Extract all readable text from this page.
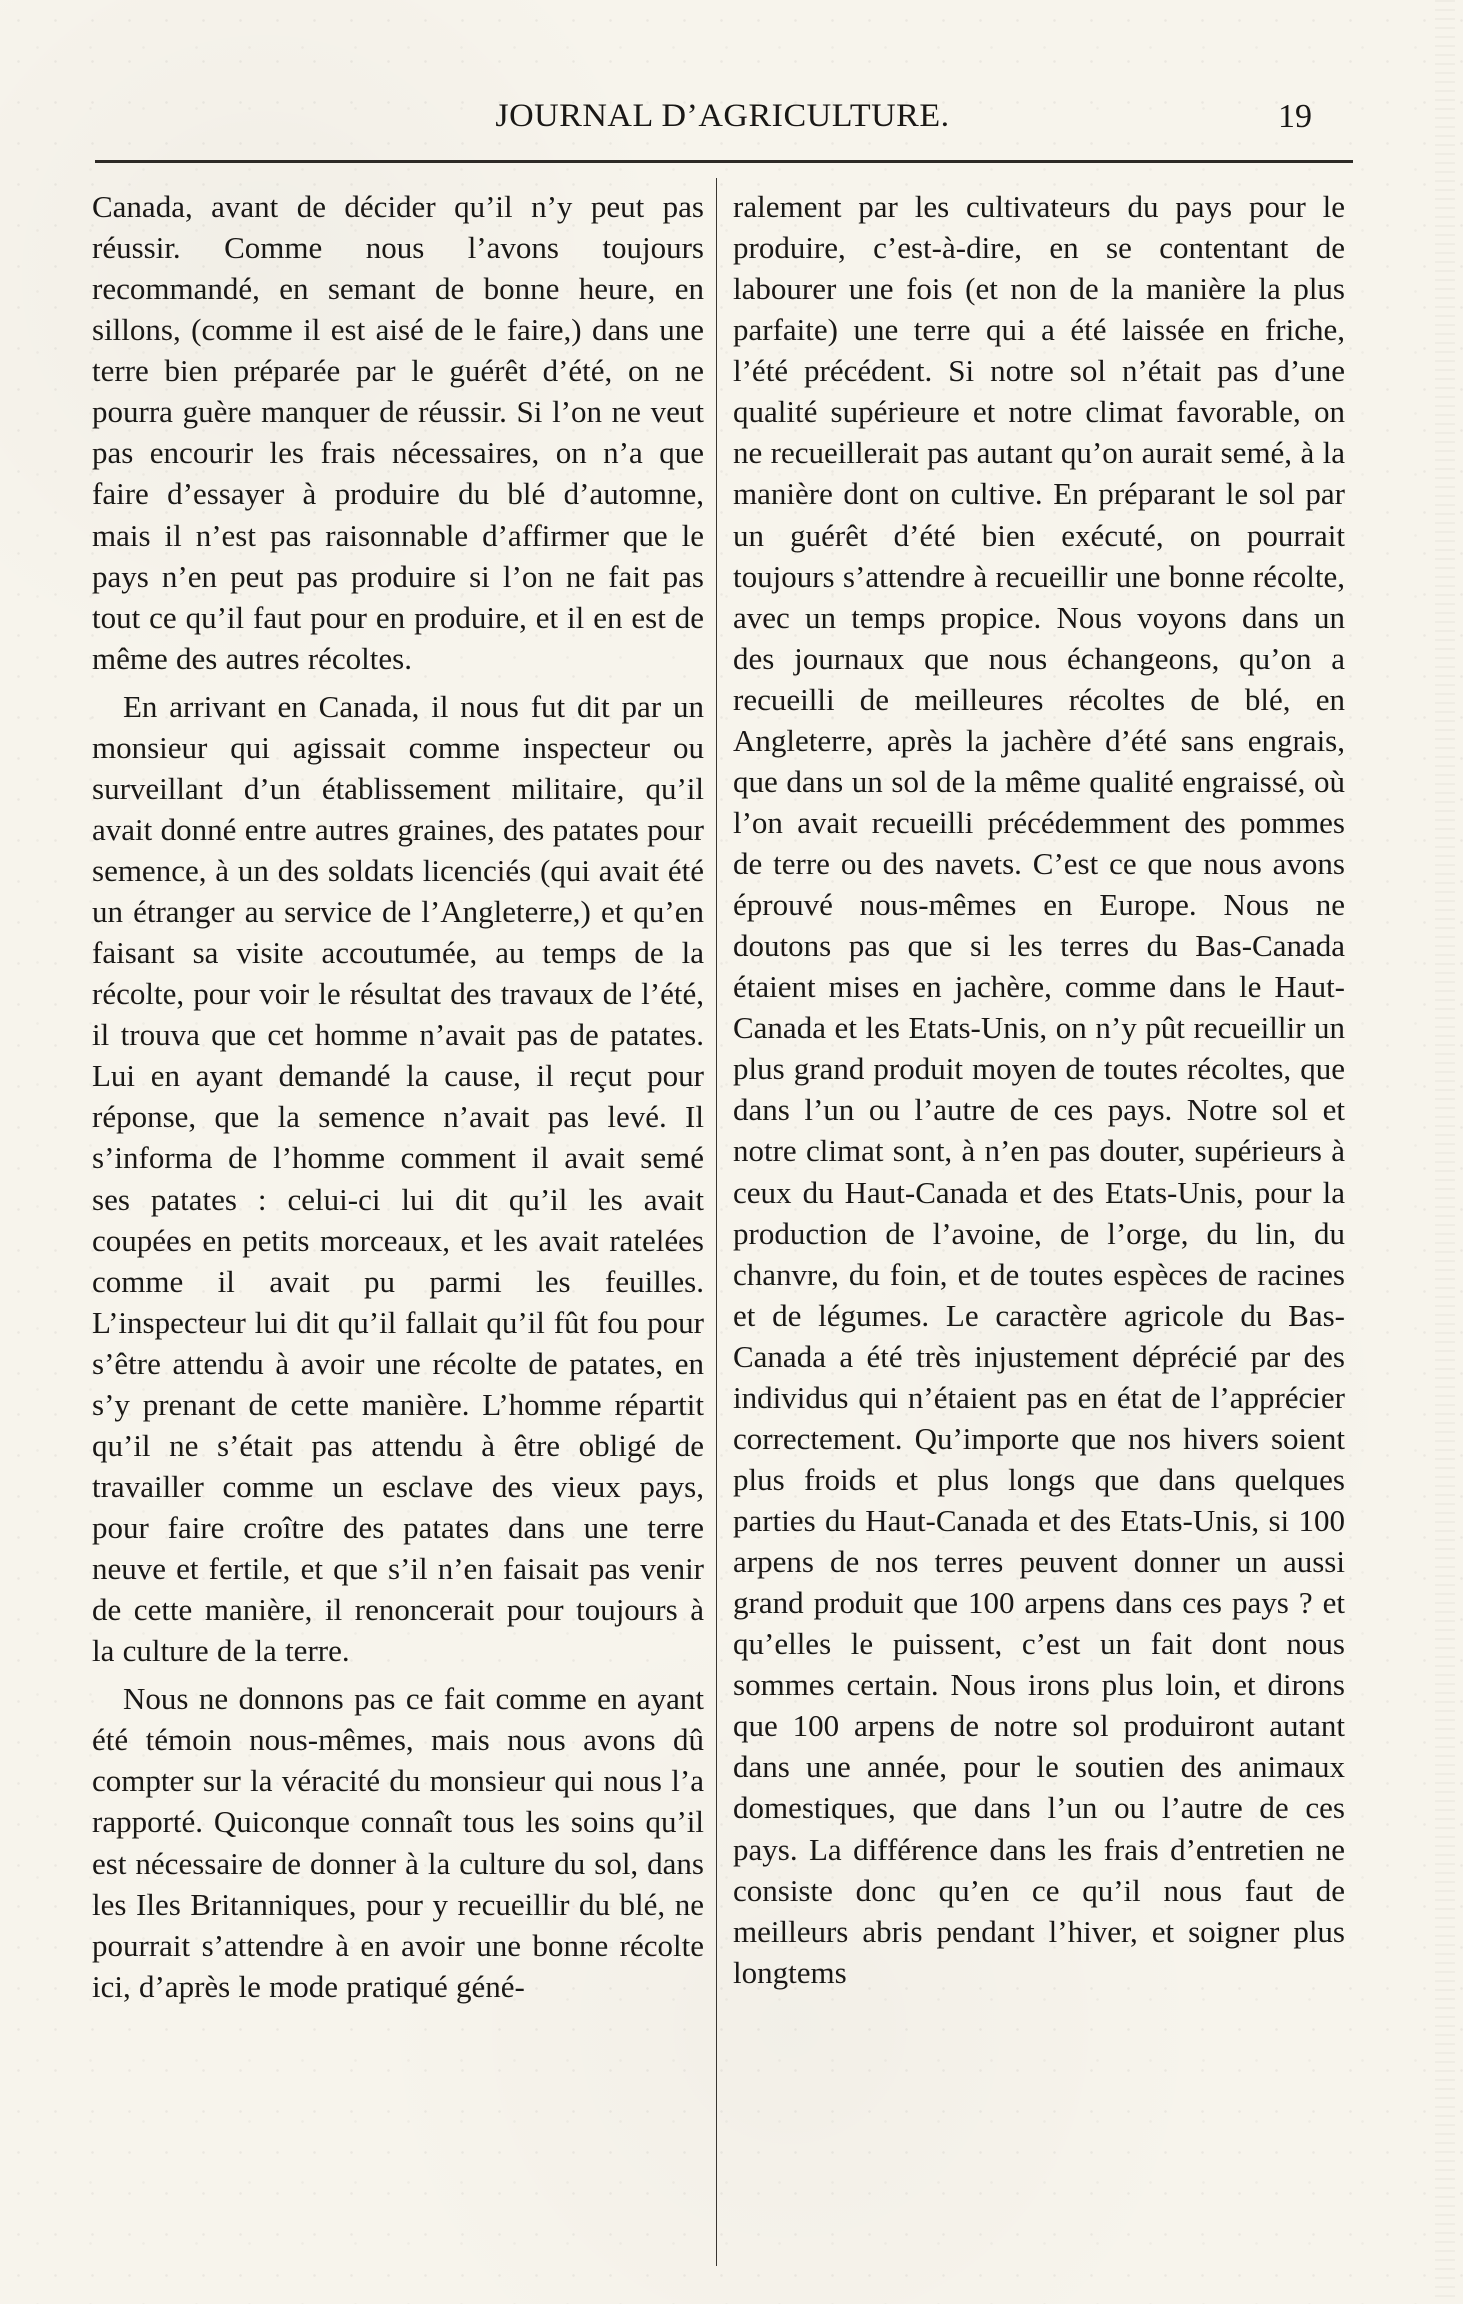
JOURNAL D’AGRICULTURE.	19

Canada, avant de décider qu’il n’y peut pas réussir. Comme nous l’avons toujours recommandé, en semant de bonne heure, en sillons, (comme il est aisé de le faire,) dans une terre bien préparée par le guérêt d’été, on ne pourra guère manquer de réussir. Si l’on ne veut pas encourir les frais nécessaires, on n’a que faire d’essayer à produire du blé d’automne, mais il n’est pas raisonnable d’affirmer que le pays n’en peut pas produire si l’on ne fait pas tout ce qu’il faut pour en produire, et il en est de même des autres récoltes.

En arrivant en Canada, il nous fut dit par un monsieur qui agissait comme inspecteur ou surveillant d’un établissement militaire, qu’il avait donné entre autres graines, des patates pour semence, à un des soldats licenciés (qui avait été un étranger au service de l’Angleterre,) et qu’en faisant sa visite accoutumée, au temps de la récolte, pour voir le résultat des travaux de l’été, il trouva que cet homme n’avait pas de patates. Lui en ayant demandé la cause, il reçut pour réponse, que la semence n’avait pas levé. Il s’informa de l’homme comment il avait semé ses patates : celui-ci lui dit qu’il les avait coupées en petits morceaux, et les avait ratelées comme il avait pu parmi les feuilles. L’inspecteur lui dit qu’il fallait qu’il fût fou pour s’être attendu à avoir une récolte de patates, en s’y prenant de cette manière. L’homme répartit qu’il ne s’était pas attendu à être obligé de travailler comme un esclave des vieux pays, pour faire croître des patates dans une terre neuve et fertile, et que s’il n’en faisait pas venir de cette manière, il renoncerait pour toujours à la culture de la terre.

Nous ne donnons pas ce fait comme en ayant été témoin nous-mêmes, mais nous avons dû compter sur la véracité du monsieur qui nous l’a rapporté. Quiconque connaît tous les soins qu’il est nécessaire de donner à la culture du sol, dans les Iles Britanniques, pour y recueillir du blé, ne pourrait s’attendre à en avoir une bonne récolte ici, d’après le mode pratiqué géné-

ralement par les cultivateurs du pays pour le produire, c’est-à-dire, en se contentant de labourer une fois (et non de la manière la plus parfaite) une terre qui a été laissée en friche, l’été précédent. Si notre sol n’était pas d’une qualité supérieure et notre climat favorable, on ne recueillerait pas autant qu’on aurait semé, à la manière dont on cultive. En préparant le sol par un guérêt d’été bien exécuté, on pourrait toujours s’attendre à recueillir une bonne récolte, avec un temps propice. Nous voyons dans un des journaux que nous échangeons, qu’on a recueilli de meilleures récoltes de blé, en Angleterre, après la jachère d’été sans engrais, que dans un sol de la même qualité engraissé, où l’on avait recueilli précédemment des pommes de terre ou des navets. C’est ce que nous avons éprouvé nous-mêmes en Europe. Nous ne doutons pas que si les terres du Bas-Canada étaient mises en jachère, comme dans le Haut-Canada et les Etats-Unis, on n’y pût recueillir un plus grand produit moyen de toutes récoltes, que dans l’un ou l’autre de ces pays. Notre sol et notre climat sont, à n’en pas douter, supérieurs à ceux du Haut-Canada et des Etats-Unis, pour la production de l’avoine, de l’orge, du lin, du chanvre, du foin, et de toutes espèces de racines et de légumes. Le caractère agricole du Bas-Canada a été très injustement déprécié par des individus qui n’étaient pas en état de l’apprécier correctement. Qu’importe que nos hivers soient plus froids et plus longs que dans quelques parties du Haut-Canada et des Etats-Unis, si 100 arpens de nos terres peuvent donner un aussi grand produit que 100 arpens dans ces pays ? et qu’elles le puissent, c’est un fait dont nous sommes certain. Nous irons plus loin, et dirons que 100 arpens de notre sol produiront autant dans une année, pour le soutien des animaux domestiques, que dans l’un ou l’autre de ces pays. La différence dans les frais d’entretien ne consiste donc qu’en ce qu’il nous faut de meilleurs abris pendant l’hiver, et soigner plus longtems
